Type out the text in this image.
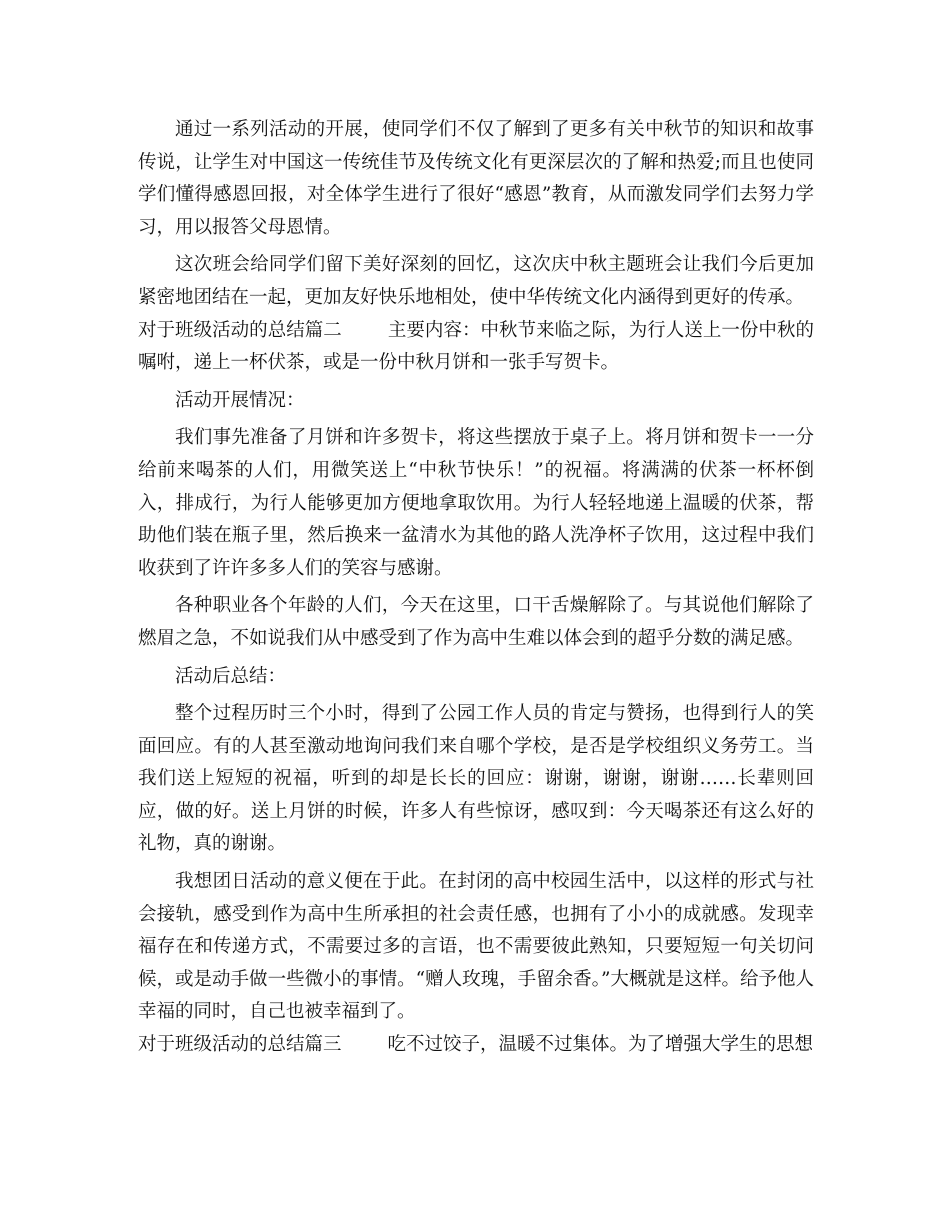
通过一系列活动的开展，使同学们不仅了解到了更多有关中秋节的知识和故事传说，让学生对中国这一传统佳节及传统文化有更深层次的了解和热爱;而且也使同学们懂得感恩回报，对全体学生进行了很好“感恩”教育，从而激发同学们去努力学习，用以报答父母恩情。

这次班会给同学们留下美好深刻的回忆，这次庆中秋主题班会让我们今后更加紧密地团结在一起，更加友好快乐地相处，使中华传统文化内涵得到更好的传承。

对于班级活动的总结篇二 主要内容：中秋节来临之际，为行人送上一份中秋的嘱咐，递上一杯伏茶，或是一份中秋月饼和一张手写贺卡。

活动开展情况：

我们事先准备了月饼和许多贺卡，将这些摆放于桌子上。将月饼和贺卡一一分给前来喝茶的人们，用微笑送上“中秋节快乐！”的祝福。将满满的伏茶一杯杯倒入，排成行，为行人能够更加方便地拿取饮用。为行人轻轻地递上温暖的伏茶，帮助他们装在瓶子里，然后换来一盆清水为其他的路人洗净杯子饮用，这过程中我们收获到了许许多多人们的笑容与感谢。

各种职业各个年龄的人们，今天在这里，口干舌燥解除了。与其说他们解除了燃眉之急，不如说我们从中感受到了作为高中生难以体会到的超乎分数的满足感。

活动后总结：

整个过程历时三个小时，得到了公园工作人员的肯定与赞扬，也得到行人的笑面回应。有的人甚至激动地询问我们来自哪个学校，是否是学校组织义务劳工。当我们送上短短的祝福，听到的却是长长的回应：谢谢，谢谢，谢谢……长辈则回应，做的好。送上月饼的时候，许多人有些惊讶，感叹到：今天喝茶还有这么好的礼物，真的谢谢。

我想团日活动的意义便在于此。在封闭的高中校园生活中，以这样的形式与社会接轨，感受到作为高中生所承担的社会责任感，也拥有了小小的成就感。发现幸福存在和传递方式，不需要过多的言语，也不需要彼此熟知，只要短短一句关切问候，或是动手做一些微小的事情。“赠人玫瑰，手留余香。”大概就是这样。给予他人幸福的同时，自己也被幸福到了。

对于班级活动的总结篇三 吃不过饺子，温暖不过集体。为了增强大学生的思想
